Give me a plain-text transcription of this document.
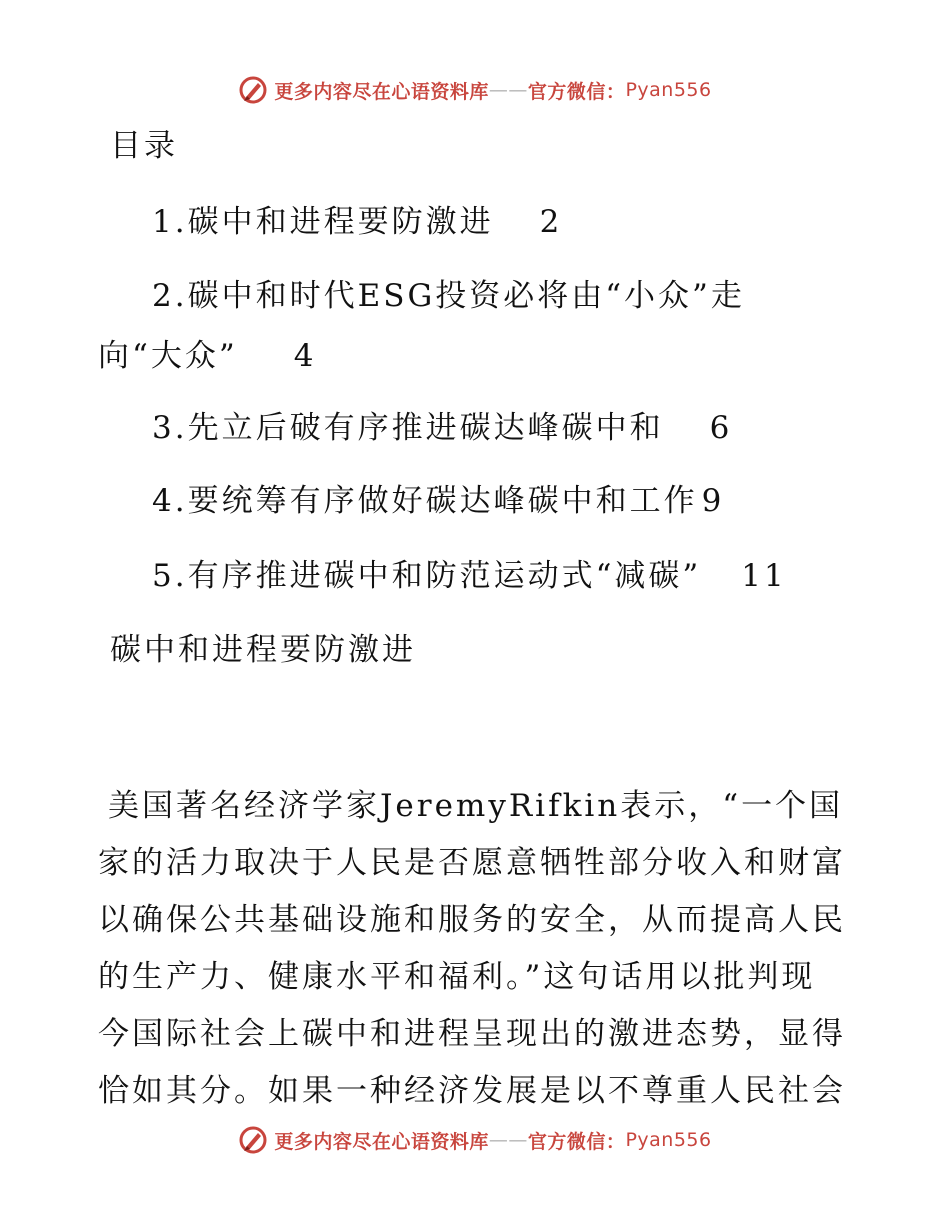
更多内容尽在心语资料库 —— 官方微信： Pyan556
目录
1.碳中和进程要防激进 2
2.碳中和时代ESG投资必将由“小众”走
向“大众” 4
3.先立后破有序推进碳达峰碳中和 6
4.要统筹有序做好碳达峰碳中和工作 9
5.有序推进碳中和防范运动式“减碳” 11
碳中和进程要防激进
美国著名经济学家JeremyRifkin表示，“一个国
家的活力取决于人民是否愿意牺牲部分收入和财富
以确保公共基础设施和服务的安全，从而提高人民
的生产力、健康水平和福利。”这句话用以批判现
今国际社会上碳中和进程呈现出的激进态势，显得
恰如其分。如果一种经济发展是以不尊重人民社会
更多内容尽在心语资料库 —— 官方微信： Pyan556
